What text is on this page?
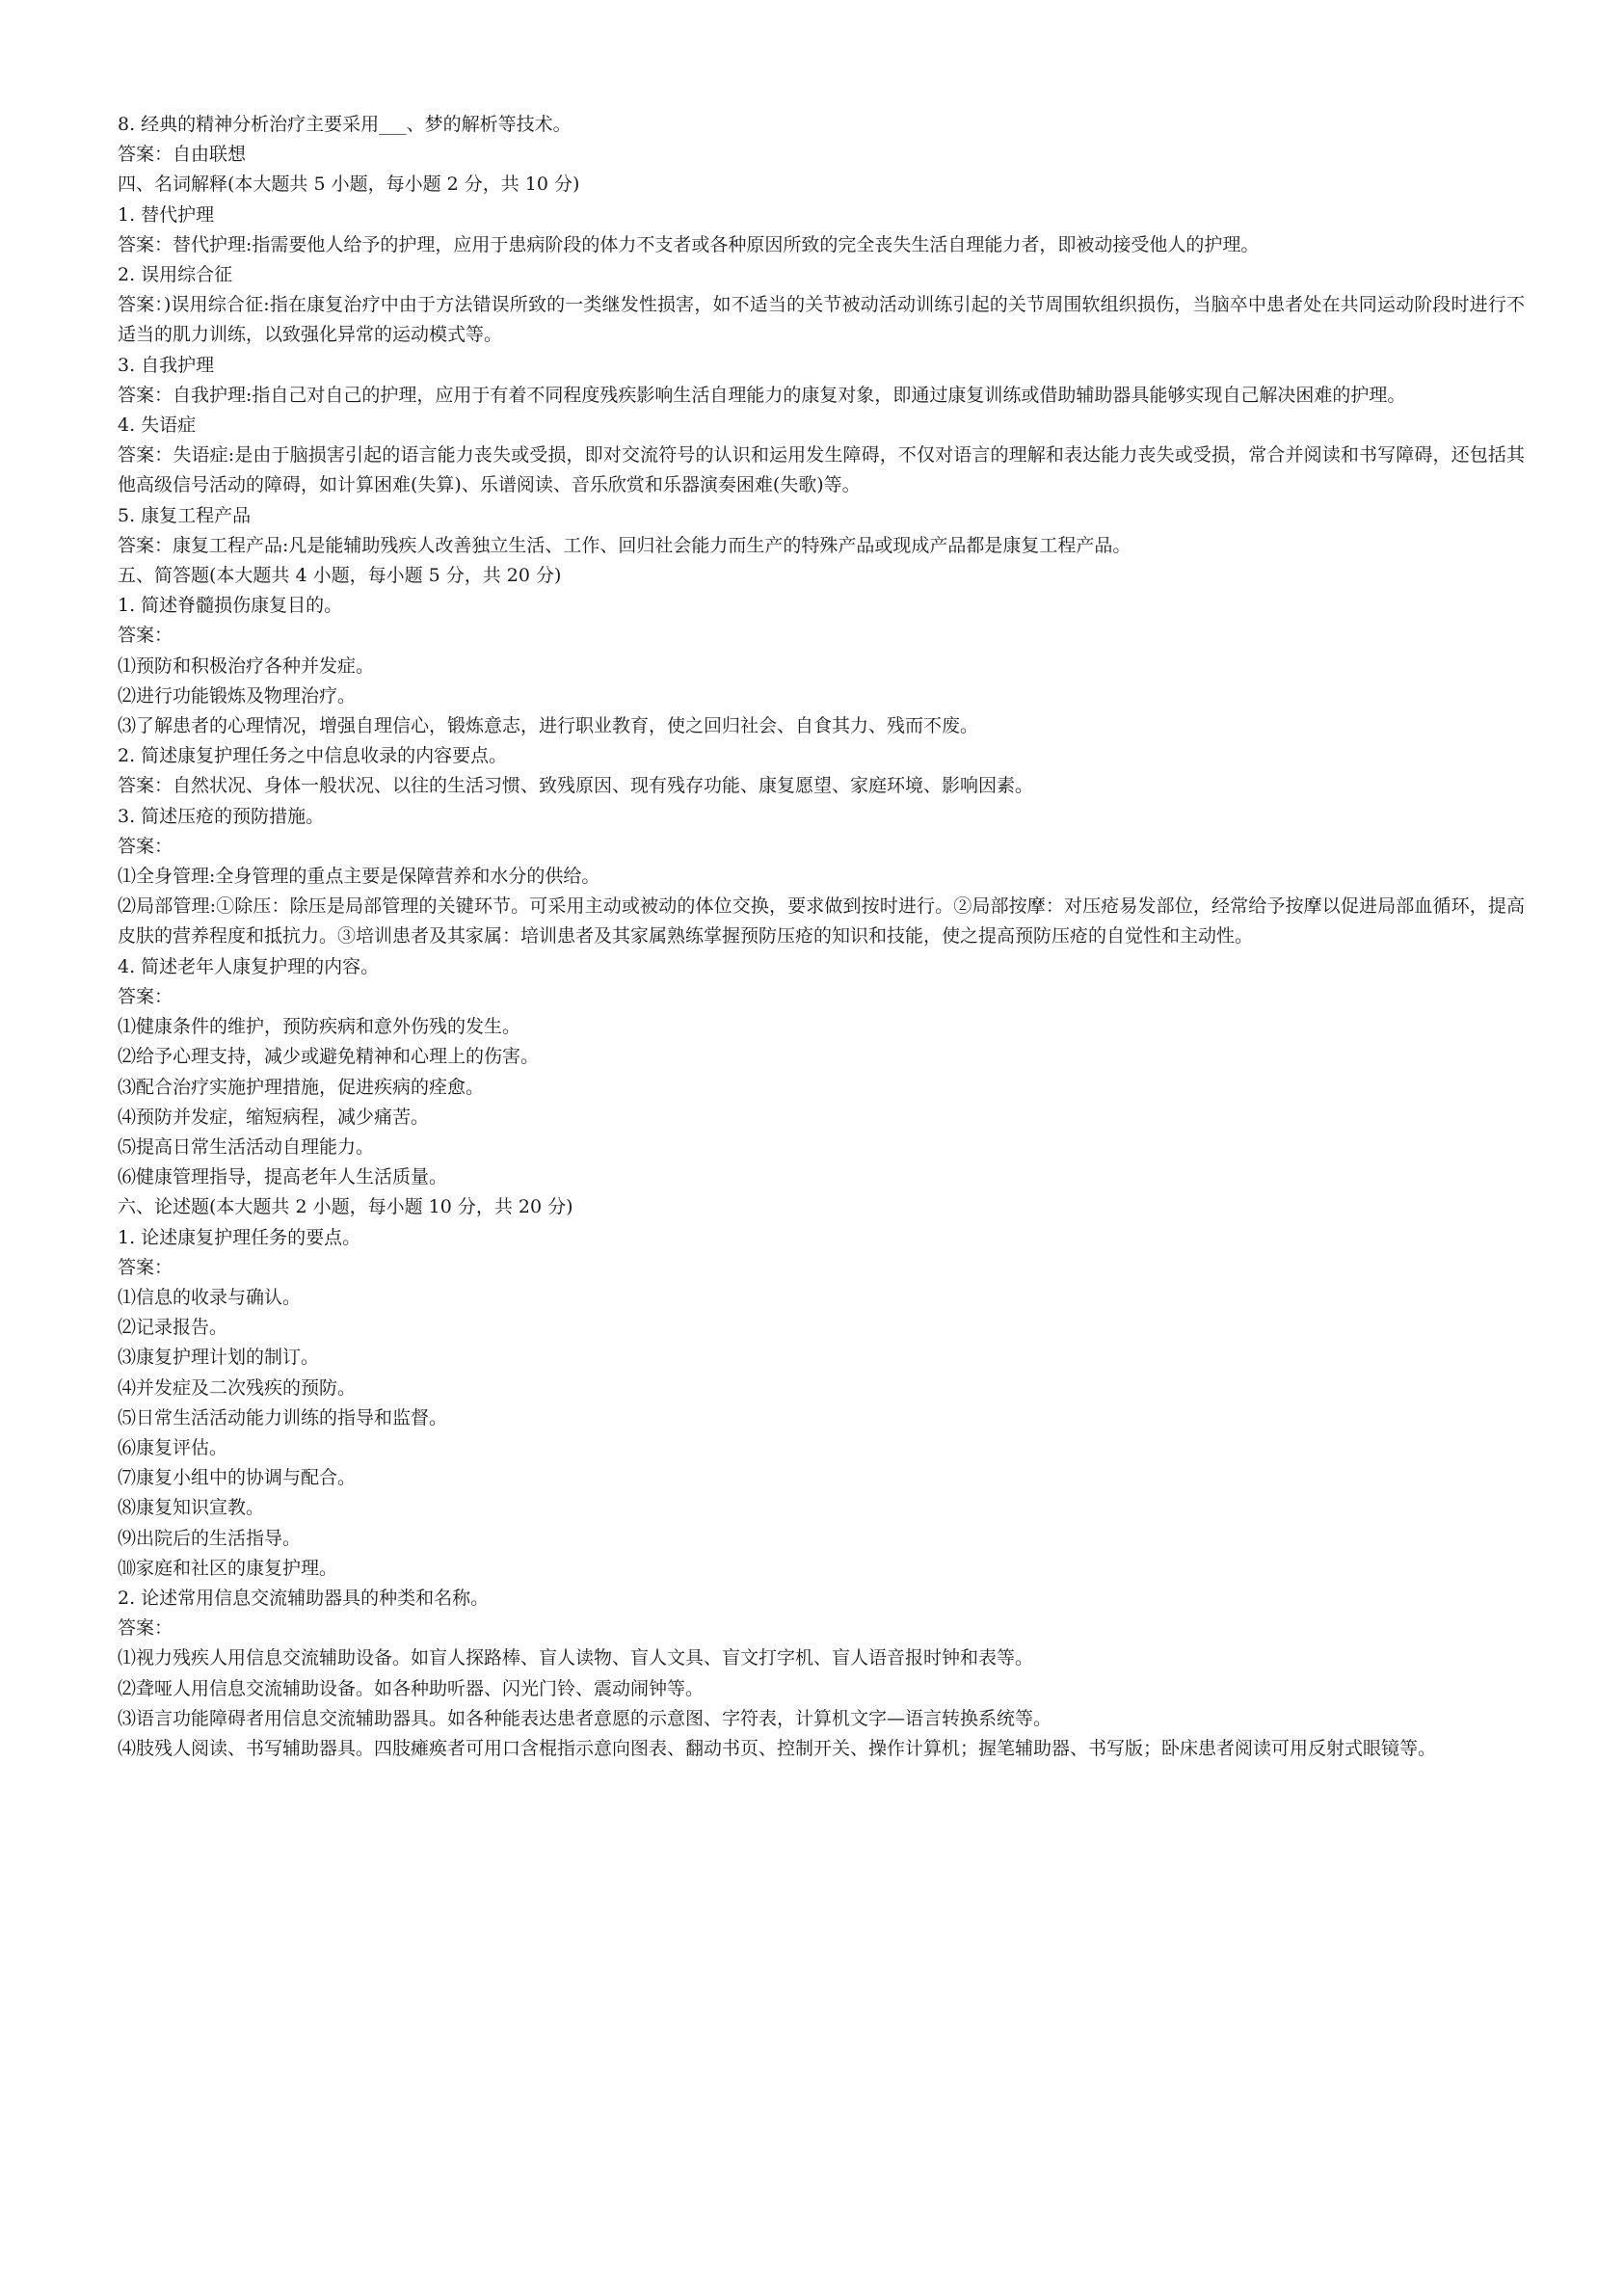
8. 经典的精神分析治疗主要采用___、梦的解析等技术。

答案：自由联想

四、名词解释(本大题共 5 小题，每小题 2 分，共 10 分)

1. 替代护理

答案：替代护理:指需要他人给予的护理，应用于患病阶段的体力不支者或各种原因所致的完全丧失生活自理能力者，即被动接受他人的护理。

2. 误用综合征

答案：)误用综合征:指在康复治疗中由于方法错误所致的一类继发性损害，如不适当的关节被动活动训练引起的关节周围软组织损伤，当脑卒中患者处在共同运动阶段时进行不适当的肌力训练，以致强化异常的运动模式等。

3. 自我护理

答案：自我护理:指自己对自己的护理，应用于有着不同程度残疾影响生活自理能力的康复对象，即通过康复训练或借助辅助器具能够实现自己解决困难的护理。

4. 失语症

答案：失语症:是由于脑损害引起的语言能力丧失或受损，即对交流符号的认识和运用发生障碍，不仅对语言的理解和表达能力丧失或受损，常合并阅读和书写障碍，还包括其他高级信号活动的障碍，如计算困难(失算)、乐谱阅读、音乐欣赏和乐器演奏困难(失歌)等。

5. 康复工程产品

答案：康复工程产品:凡是能辅助残疾人改善独立生活、工作、回归社会能力而生产的特殊产品或现成产品都是康复工程产品。

五、简答题(本大题共 4 小题，每小题 5 分，共 20 分)

1. 简述脊髓损伤康复目的。

答案：

⑴预防和积极治疗各种并发症。

⑵进行功能锻炼及物理治疗。

⑶了解患者的心理情况，增强自理信心，锻炼意志，进行职业教育，使之回归社会、自食其力、残而不废。

2. 简述康复护理任务之中信息收录的内容要点。

答案：自然状况、身体一般状况、以往的生活习惯、致残原因、现有残存功能、康复愿望、家庭环境、影响因素。

3. 简述压疮的预防措施。

答案：

⑴全身管理:全身管理的重点主要是保障营养和水分的供给。

⑵局部管理:①除压：除压是局部管理的关键环节。可采用主动或被动的体位交换，要求做到按时进行。②局部按摩：对压疮易发部位，经常给予按摩以促进局部血循环，提高皮肤的营养程度和抵抗力。③培训患者及其家属：培训患者及其家属熟练掌握预防压疮的知识和技能，使之提高预防压疮的自觉性和主动性。

4. 简述老年人康复护理的内容。

答案：

⑴健康条件的维护，预防疾病和意外伤残的发生。

⑵给予心理支持，减少或避免精神和心理上的伤害。

⑶配合治疗实施护理措施，促进疾病的痊愈。

⑷预防并发症，缩短病程，减少痛苦。

⑸提高日常生活活动自理能力。

⑹健康管理指导，提高老年人生活质量。

六、论述题(本大题共 2 小题，每小题 10 分，共 20 分)

1. 论述康复护理任务的要点。

答案：

⑴信息的收录与确认。

⑵记录报告。

⑶康复护理计划的制订。

⑷并发症及二次残疾的预防。

⑸日常生活活动能力训练的指导和监督。

⑹康复评估。

⑺康复小组中的协调与配合。

⑻康复知识宣教。

⑼出院后的生活指导。

⑽家庭和社区的康复护理。

2. 论述常用信息交流辅助器具的种类和名称。

答案：

⑴视力残疾人用信息交流辅助设备。如盲人探路棒、盲人读物、盲人文具、盲文打字机、盲人语音报时钟和表等。

⑵聋哑人用信息交流辅助设备。如各种助听器、闪光门铃、震动闹钟等。

⑶语言功能障碍者用信息交流辅助器具。如各种能表达患者意愿的示意图、字符表，计算机文字—语言转换系统等。

⑷肢残人阅读、书写辅助器具。四肢瘫痪者可用口含棍指示意向图表、翻动书页、控制开关、操作计算机；握笔辅助器、书写版；卧床患者阅读可用反射式眼镜等。
